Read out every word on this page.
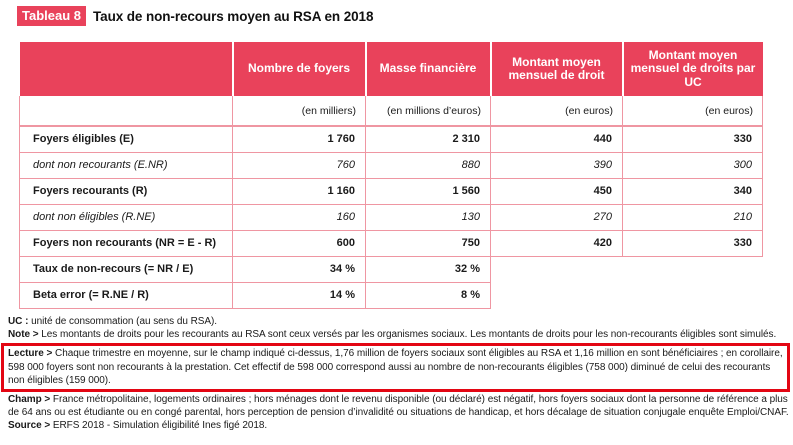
Tableau 8 Taux de non-recours moyen au RSA en 2018
	Nombre de foyers	Masse financière	Montant moyen mensuel de droit	Montant moyen mensuel de droits par UC
	(en milliers)	(en millions d’euros)	(en euros)	(en euros)
Foyers éligibles (E)	1 760	2 310	440	330
dont non recourants (E.NR)	760	880	390	300
Foyers recourants (R)	1 160	1 560	450	340
dont non éligibles (R.NE)	160	130	270	210
Foyers non recourants (NR = E - R)	600	750	420	330
Taux de non-recours (= NR / E)	34 %	32 %		
Beta error (= R.NE / R)	14 %	8 %		

UC : unité de consommation (au sens du RSA).

Note > Les montants de droits pour les recourants au RSA sont ceux versés par les organismes sociaux. Les montants de droits pour les non-recourants éligibles sont simulés.

Lecture > Chaque trimestre en moyenne, sur le champ indiqué ci-dessus, 1,76 million de foyers sociaux sont éligibles au RSA et 1,16 million en sont bénéficiaires ; en corollaire, 598 000 foyers sont non recourants à la prestation. Cet effectif de 598 000 correspond aussi au nombre de non-recourants éligibles (758 000) diminué de celui des recourants non éligibles (159 000).

Champ > France métropolitaine, logements ordinaires ; hors ménages dont le revenu disponible (ou déclaré) est négatif, hors foyers sociaux dont la personne de référence a plus de 64 ans ou est étudiante ou en congé parental, hors perception de pension d’invalidité ou situations de handicap, et hors décalage de situation conjugale enquête Emploi/CNAF.

Source > ERFS 2018 - Simulation éligibilité Ines figé 2018.
